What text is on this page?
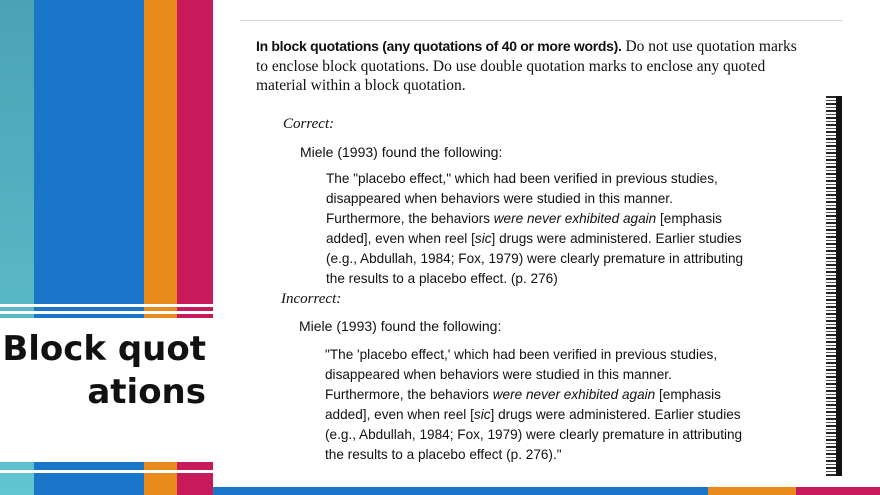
Block quotations
In block quotations (any quotations of 40 or more words). Do not use quotation marks
to enclose block quotations. Do use double quotation marks to enclose any quoted
material within a block quotation.
Correct:
Miele (1993) found the following:
The "placebo effect," which had been verified in previous studies,
disappeared when behaviors were studied in this manner.
Furthermore, the behaviors were never exhibited again [emphasis
added], even when reel [sic] drugs were administered. Earlier studies
(e.g., Abdullah, 1984; Fox, 1979) were clearly premature in attributing
the results to a placebo effect. (p. 276)
Incorrect:
Miele (1993) found the following:
"The 'placebo effect,' which had been verified in previous studies,
disappeared when behaviors were studied in this manner.
Furthermore, the behaviors were never exhibited again [emphasis
added], even when reel [sic] drugs were administered. Earlier studies
(e.g., Abdullah, 1984; Fox, 1979) were clearly premature in attributing
the results to a placebo effect (p. 276)."
